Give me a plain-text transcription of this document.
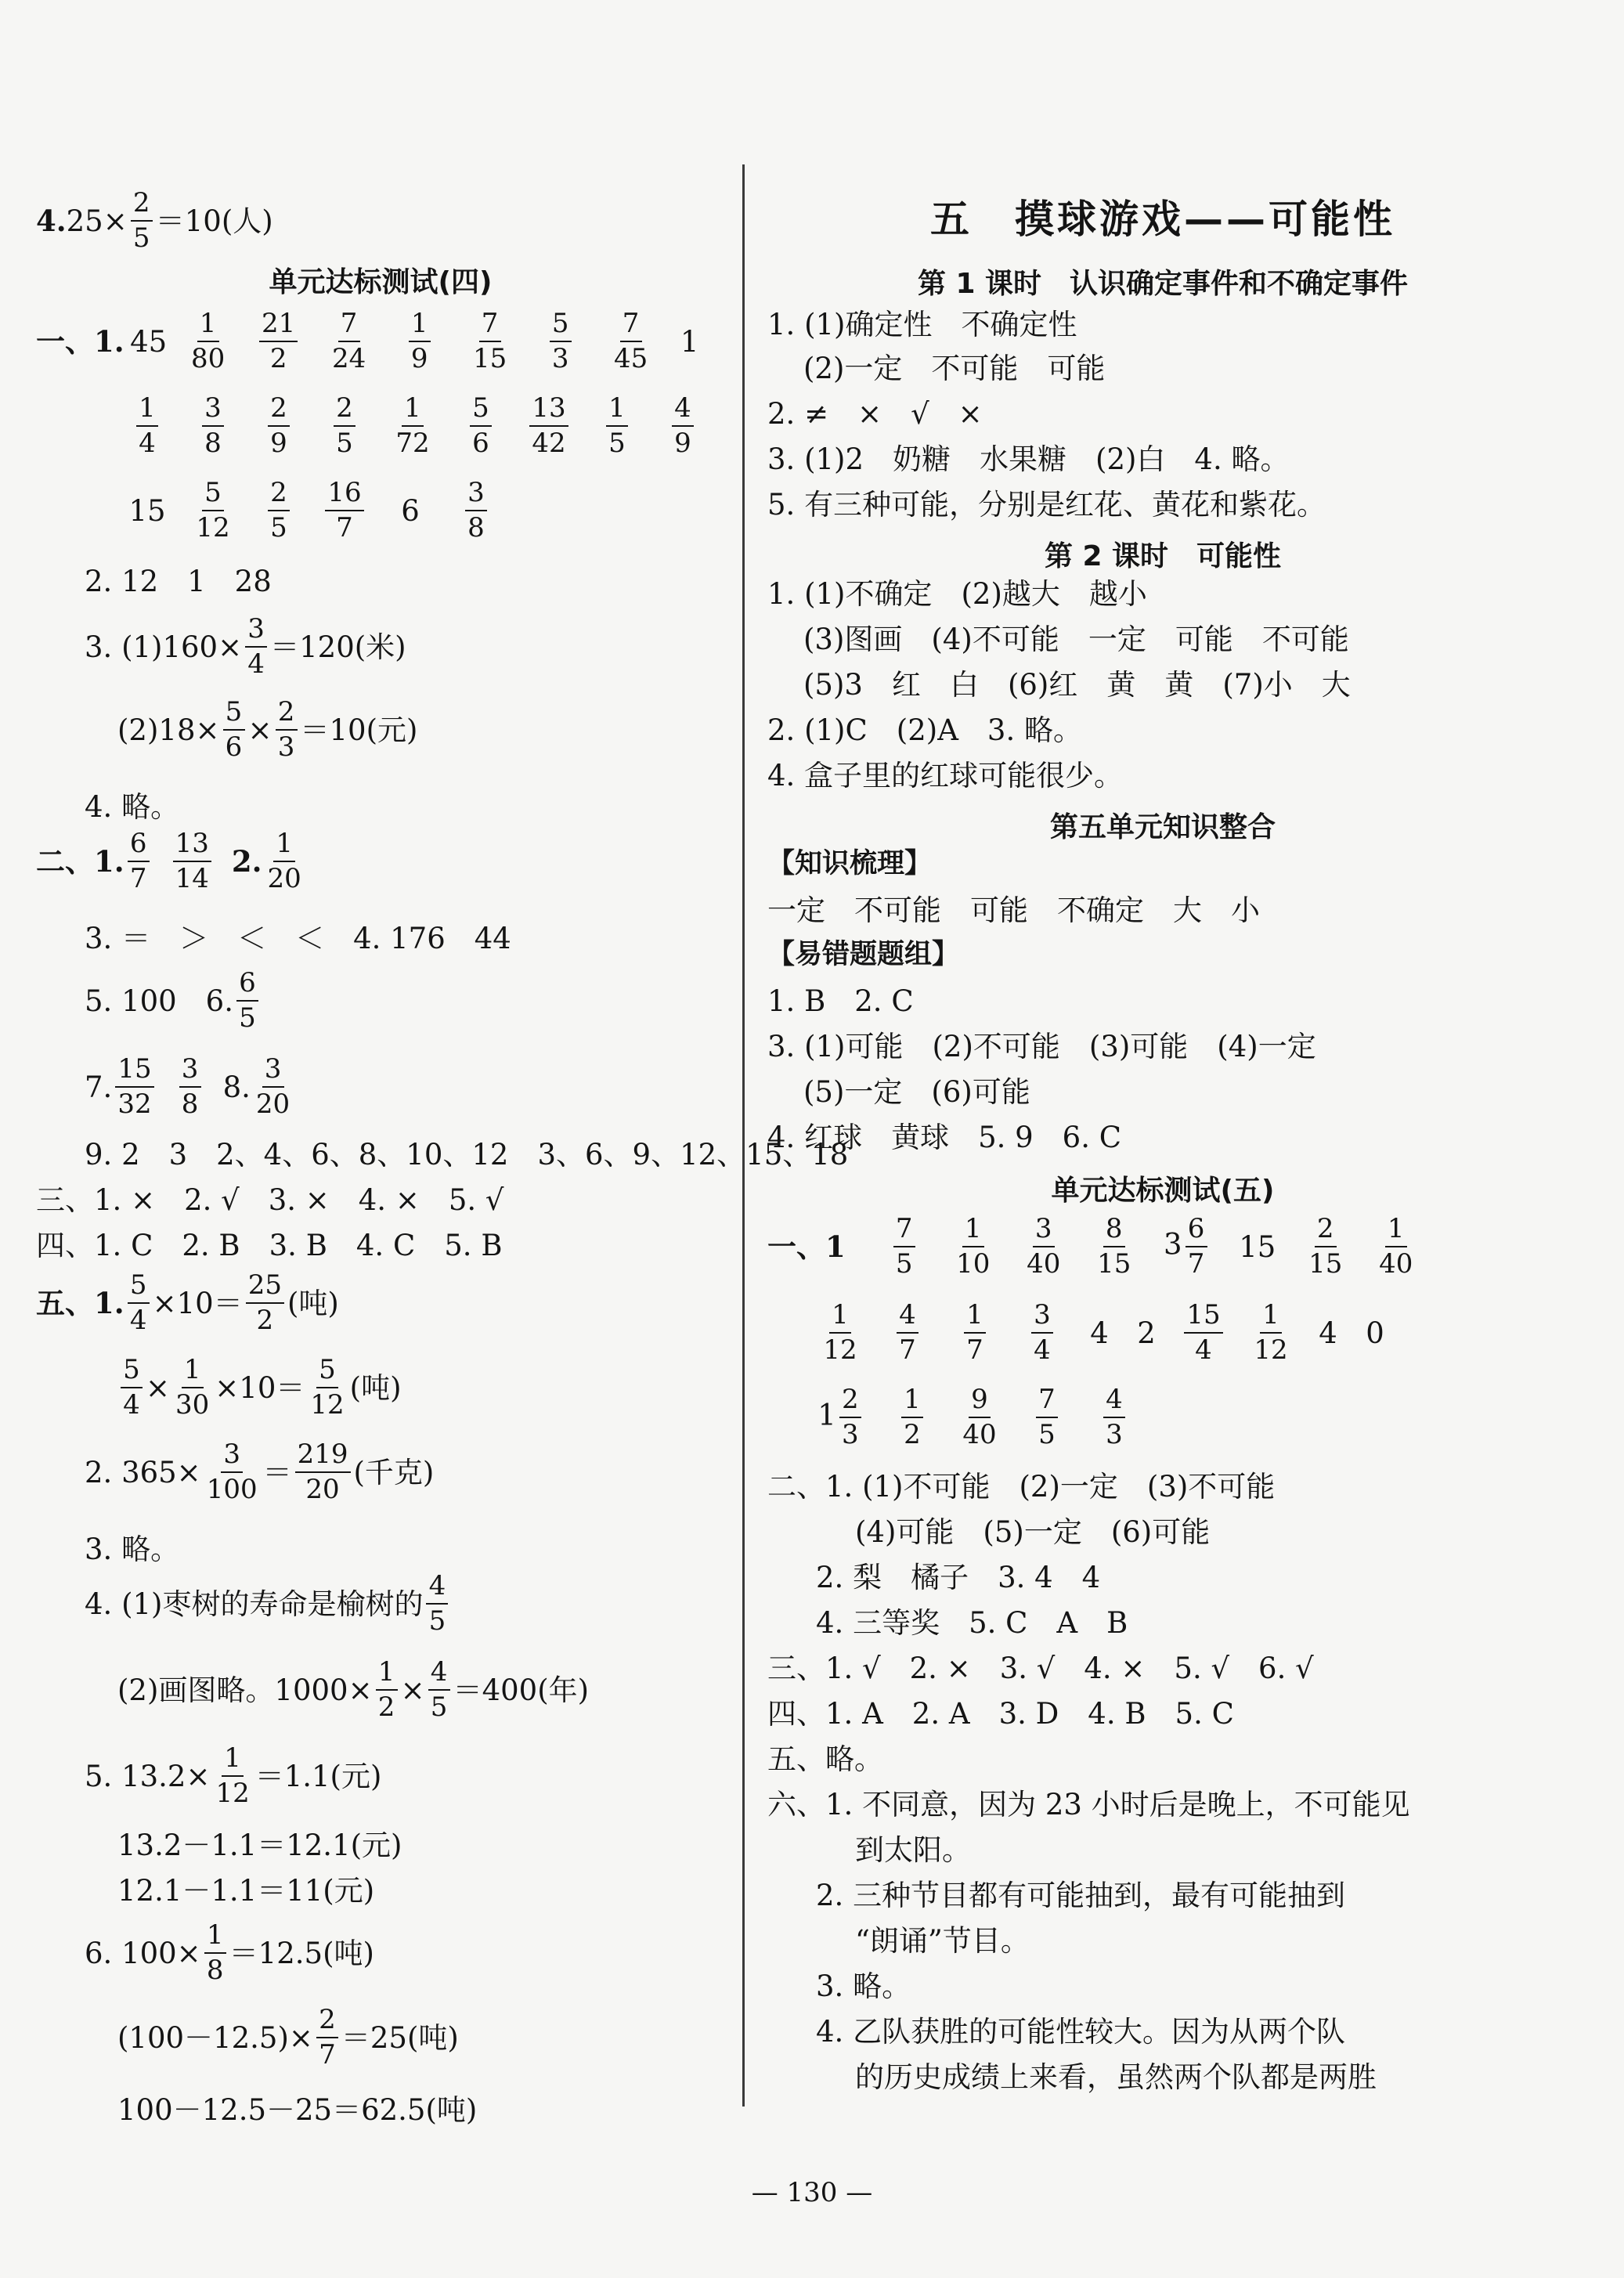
4. $25\times \frac{2}{5} =10$(人)
单元达标测试(四)
一、1. $45 \frac{1}{80} \frac{21}{2} \frac{7}{24} \frac{1}{9} \frac{7}{15} \frac{5}{3} \frac{7}{45}$	1
$\frac{1}{4} \frac{3}{8} \frac{2}{9} \frac{2}{5} \frac{1}{72} \frac{5}{6} \frac{13}{42} \frac{1}{5} \frac{4}{9}$
15	$\frac{5}{12} \frac{2}{5} \frac{16}{7}$	6	$\frac{3}{8}$
2. 12　1　28
3. $(1)160\times \frac{3}{4} =120$(米)
$(2)18\times \frac{5}{6} \times \frac{2}{3} =10$(元)
4. 略。
二、1. $\frac{6}{7} \frac{13}{14} 2$. $\frac{1}{20}$
3. ＝　＞　＜　＜　4. 176　44
5. 100　6. $\frac{6}{5}$
7. $\frac{15}{32} \frac{3}{8} 8$. $\frac{3}{20}$
9. 2　3　2、4、6、8、10、12　3、6、9、12、15、18
三、1. ×　2. √　3. ×　4. ×　5. √
四、1. C　2. B　3. B　4. C　5. B
五、1. $\frac{5}{4} \times 10= \frac{25}{2}$ (吨)
$\frac{5}{4} \times \frac{1}{30} \times 10= \frac{5}{12}$ (吨)
2. $365\times \frac{3}{100} = \frac{219}{20}$ (千克)
3. 略。
4. (1)枣树的寿命是榆树的 $\frac{4}{5}$
(2)画图略。$1000\times \frac{1}{2} \times \frac{4}{5} =400$(年)
5. $13.2\times \frac{1}{12} =1.1$(元)
13.2－1.1＝12.1(元)
12.1－1.1＝11(元)
6. $100\times \frac{1}{8} =12.5$(吨)
$(100-12.5)\times \frac{2}{7} =25$(吨)
100－12.5－25＝62.5(吨)
五　摸球游戏——可能性
第 1 课时　认识确定事件和不确定事件
1. (1)确定性　不确定性
(2)一定　不可能　可能
2. ≠　×　√　×
3. (1)2　奶糖　水果糖　(2)白　4. 略。
5. 有三种可能，分别是红花、黄花和紫花。
第 2 课时　可能性
1. (1)不确定　(2)越大　越小
(3)图画　(4)不可能　一定　可能　不可能
(5)3　红　白　(6)红　黄　黄　(7)小　大
2. (1)C　(2)A　3. 略。
4. 盒子里的红球可能很少。
第五单元知识整合
【知识梳理】
一定　不可能　可能　不确定　大　小
【易错题题组】
1. B　2. C
3. (1)可能　(2)不可能　(3)可能　(4)一定
(5)一定　(6)可能
4. 红球　黄球　5. 9　6. C
单元达标测试(五)
一、$1 \frac{7}{5} \frac{1}{10} \frac{3}{40} \frac{8}{15}$	$3 \frac{6}{7}$	15	$\frac{2}{15} \frac{1}{40}$
$\frac{1}{12} \frac{4}{7} \frac{1}{7} \frac{3}{4}$	4 2	$\frac{15}{4} \frac{1}{12} 4$ 0
$1 \frac{2}{3} \frac{1}{2} \frac{9}{40} \frac{7}{5} \frac{4}{3}$
二、1. (1)不可能　(2)一定　(3)不可能
(4)可能　(5)一定　(6)可能
2. 梨　橘子　3. 4　4
4. 三等奖　5. C　A　B
三、1. √　2. ×　3. √　4. ×　5. √　6. √
四、1. A　2. A　3. D　4. B　5. C
五、略。
六、1. 不同意，因为 23 小时后是晚上，不可能见
到太阳。
2. 三种节目都有可能抽到，最有可能抽到
“朗诵”节目。
3. 略。
4. 乙队获胜的可能性较大。因为从两个队
的历史成绩上来看，虽然两个队都是两胜
— 130 —
